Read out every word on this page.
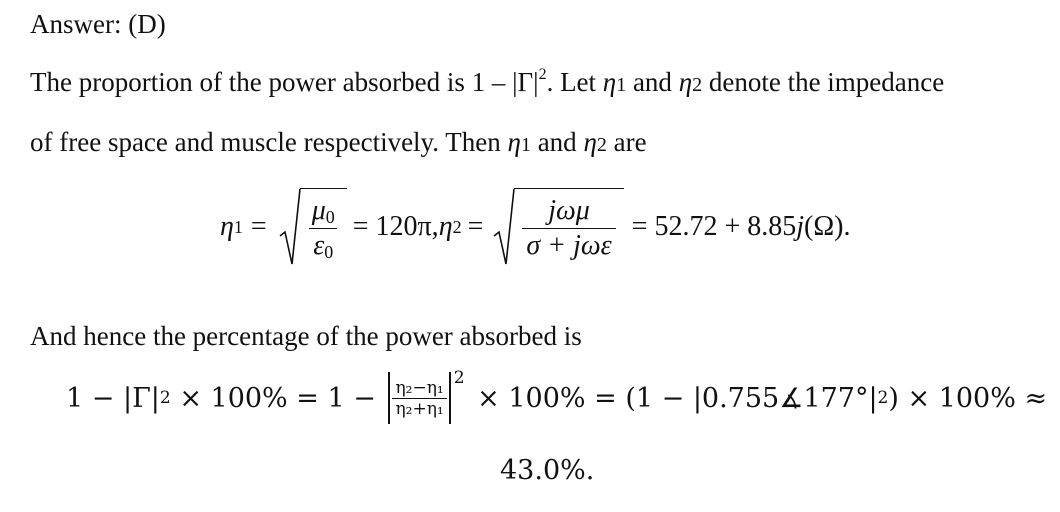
Answer: (D)
The proportion of the power absorbed is $1 - |\Gamma|^2$. Let η1 and η2 denote the impedance
of free space and muscle respectively. Then η1 and η2 are
η $1 = \frac{\mu_0}{\varepsilon_0} = 120\pi$, η $2 = \frac{\text{jωμ}}{\text{σ + jωε}} = 52.72 + 8.85$ j (Ω).
And hence the percentage of the power absorbed is
1 − |Γ| $2 \times 100\% = 1 - \frac{\text{η₂−η₁}}{\text{η₂+η₁}} 2$
× 100% = (1 − |0.755∡177°| 2 ) × 100% ≈
43.0%.
